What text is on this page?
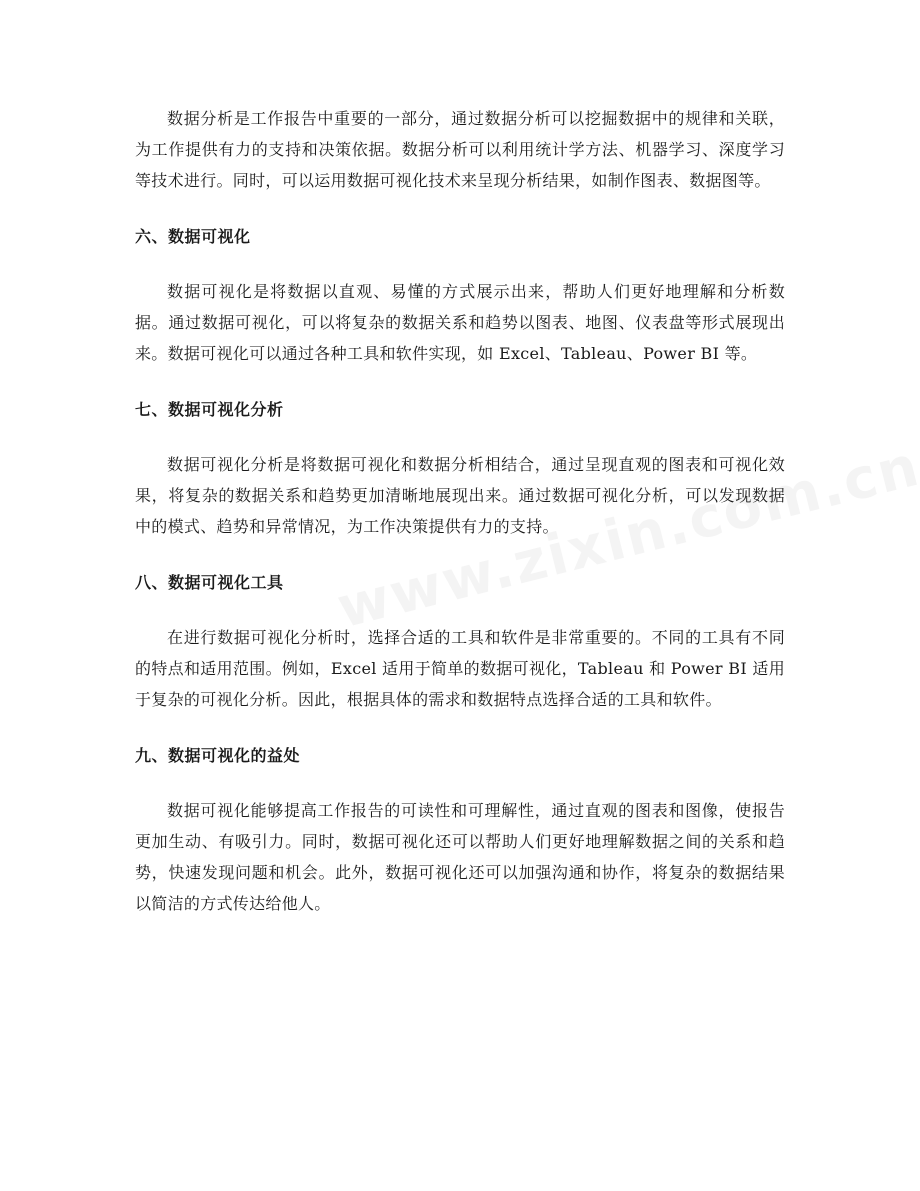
数据分析是工作报告中重要的一部分，通过数据分析可以挖掘数据中的规律和关联，为工作提供有力的支持和决策依据。数据分析可以利用统计学方法、机器学习、深度学习等技术进行。同时，可以运用数据可视化技术来呈现分析结果，如制作图表、数据图等。

六、数据可视化

数据可视化是将数据以直观、易懂的方式展示出来，帮助人们更好地理解和分析数据。通过数据可视化，可以将复杂的数据关系和趋势以图表、地图、仪表盘等形式展现出来。数据可视化可以通过各种工具和软件实现，如 Excel、Tableau、Power BI 等。

七、数据可视化分析

数据可视化分析是将数据可视化和数据分析相结合，通过呈现直观的图表和可视化效果，将复杂的数据关系和趋势更加清晰地展现出来。通过数据可视化分析，可以发现数据中的模式、趋势和异常情况，为工作决策提供有力的支持。

八、数据可视化工具

在进行数据可视化分析时，选择合适的工具和软件是非常重要的。不同的工具有不同的特点和适用范围。例如，Excel 适用于简单的数据可视化，Tableau 和 Power BI 适用于复杂的可视化分析。因此，根据具体的需求和数据特点选择合适的工具和软件。

九、数据可视化的益处

数据可视化能够提高工作报告的可读性和可理解性，通过直观的图表和图像，使报告更加生动、有吸引力。同时，数据可视化还可以帮助人们更好地理解数据之间的关系和趋势，快速发现问题和机会。此外，数据可视化还可以加强沟通和协作，将复杂的数据结果以简洁的方式传达给他人。
